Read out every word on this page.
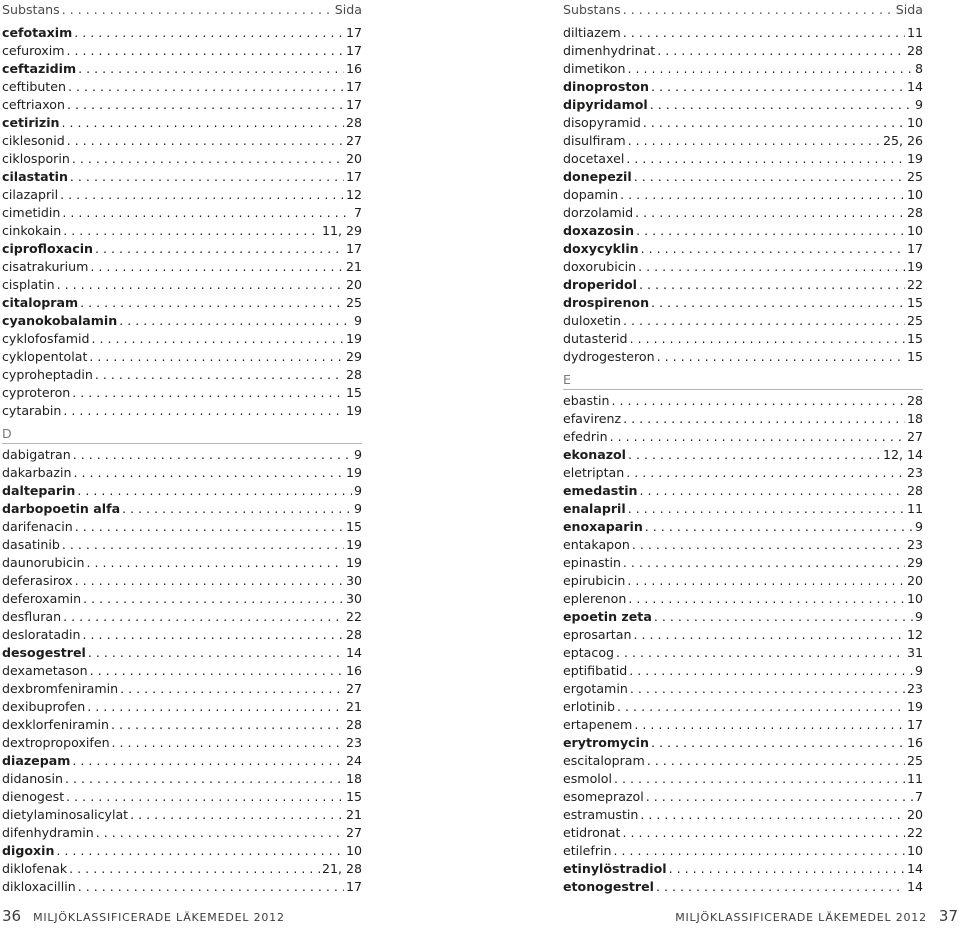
Substans . . .	Sida
cefotaxim . . .	17
cefuroxim . . .	17
ceftazidim . . .	16
ceftibuten . . .	17
ceftriaxon . . .	17
cetirizin . . .	28
ciklesonid . . .	27
ciklosporin . . .	20
cilastatin . . .	17
cilazapril . . .	12
cimetidin . . .	7
cinkokain . . .	11, 29
ciprofloxacin . . .	17
cisatrakurium . . .	21
cisplatin . . .	20
citalopram . . .	25
cyanokobalamin . . .	9
cyklofosfamid . . .	19
cyklopentolat . . .	29
cyproheptadin . . .	28
cyproteron . . .	15
cytarabin . . .	19
D
dabigatran . . .	9
dakarbazin . . .	19
dalteparin . . .	9
darbopoetin alfa . . .	9
darifenacin . . .	15
dasatinib . . .	19
daunorubicin . . .	19
deferasirox . . .	30
deferoxamin . . .	30
desfluran . . .	22
desloratadin . . .	28
desogestrel . . .	14
dexametason . . .	16
dexbromfeniramin . . .	27
dexibuprofen . . .	21
dexklorfeniramin . . .	28
dextropropoxifen . . .	23
diazepam . . .	24
didanosin . . .	18
dienogest . . .	15
dietylaminosalicylat . . .	21
difenhydramin . . .	27
digoxin . . .	10
diklofenak . . .	21, 28
dikloxacillin . . .	17
Substans . . .	Sida
diltiazem . . .	11
dimenhydrinat . . .	28
dimetikon . . .	8
dinoproston . . .	14
dipyridamol . . .	9
disopyramid . . .	10
disulfiram . . .	25, 26
docetaxel . . .	19
donepezil . . .	25
dopamin . . .	10
dorzolamid . . .	28
doxazosin . . .	10
doxycyklin . . .	17
doxorubicin . . .	19
droperidol . . .	22
drospirenon . . .	15
duloxetin . . .	25
dutasterid . . .	15
dydrogesteron . . .	15
E
ebastin . . .	28
efavirenz . . .	18
efedrin . . .	27
ekonazol . . .	12, 14
eletriptan . . .	23
emedastin . . .	28
enalapril . . .	11
enoxaparin . . .	9
entakapon . . .	23
epinastin . . .	29
epirubicin . . .	20
eplerenon . . .	10
epoetin zeta . . .	9
eprosartan . . .	12
eptacog . . .	31
eptifibatid . . .	9
ergotamin . . .	23
erlotinib . . .	19
ertapenem . . .	17
erytromycin . . .	16
escitalopram . . .	25
esmolol . . .	11
esomeprazol . . .	7
estramustin . . .	20
etidronat . . .	22
etilefrin . . .	10
etinylöstradiol . . .	14
etonogestrel . . .	14
36 MILJÖKLASSIFICERADE LÄKEMEDEL 2012	MILJÖKLASSIFICERADE LÄKEMEDEL 2012 37
